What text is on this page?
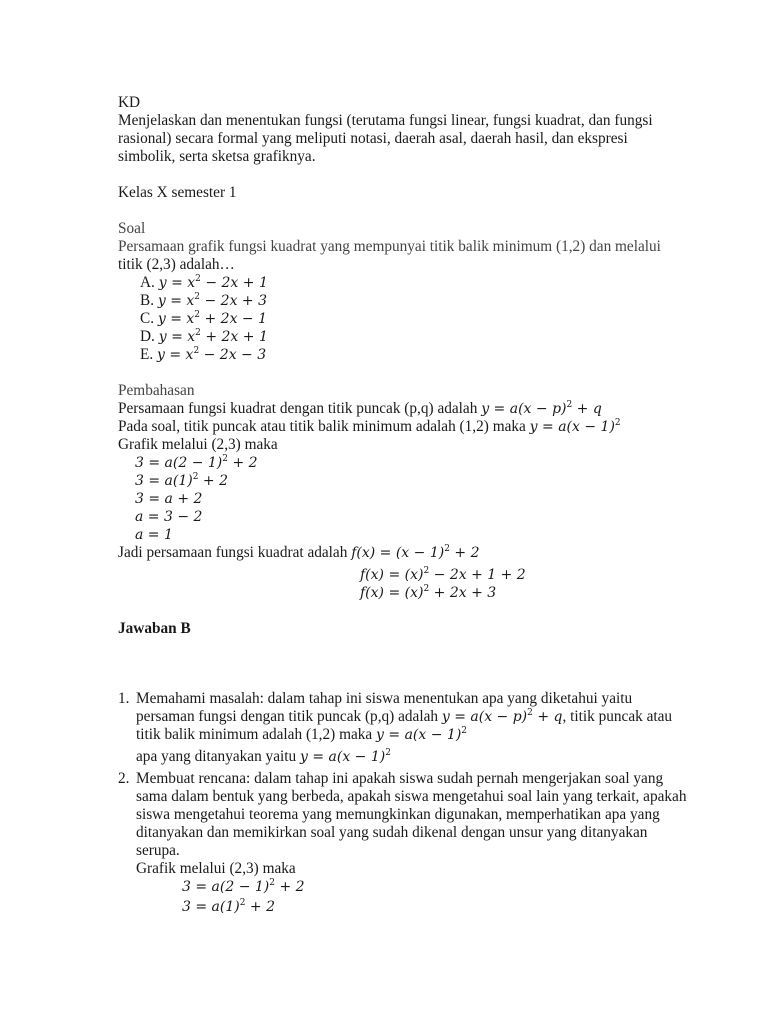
KD
Menjelaskan dan menentukan fungsi (terutama fungsi linear, fungsi kuadrat, dan fungsi
rasional) secara formal yang meliputi notasi, daerah asal, daerah hasil, dan ekspresi
simbolik, serta sketsa grafiknya.
Kelas X semester 1
Soal
Persamaan grafik fungsi kuadrat yang mempunyai titik balik minimum (1,2) dan melalui
titik (2,3) adalah…
A. $y = x^2 - 2x + 1$
B. $y = x^2 - 2x + 3$
C. $y = x^2 + 2x - 1$
D. $y = x^2 + 2x + 1$
E. $y = x^2 - 2x - 3$
Pembahasan
Persamaan fungsi kuadrat dengan titik puncak (p,q) adalah $y = a(x - p)^2 + q$
Pada soal, titik puncak atau titik balik minimum adalah (1,2) maka $y = a(x - 1)^2$
Grafik melalui (2,3) maka
$3 = a(2 - 1)^2 + 2$
$3 = a(1)^2 + 2$
3 = a + 2
a = 3 − 2
a = 1
Jadi persamaan fungsi kuadrat adalah $f(x) = (x - 1)^2 + 2$
$f(x) = (x)^2 - 2x + 1 + 2$
$f(x) = (x)^2 + 2x + 3$
Jawaban B
1. Memahami masalah: dalam tahap ini siswa menentukan apa yang diketahui yaitu
persaman fungsi dengan titik puncak (p,q) adalah $y = a(x - p)^2 + q$, titik puncak atau
titik balik minimum adalah (1,2) maka $y = a(x - 1)^2$
apa yang ditanyakan yaitu $y = a(x - 1)^2$
2. Membuat rencana: dalam tahap ini apakah siswa sudah pernah mengerjakan soal yang
sama dalam bentuk yang berbeda, apakah siswa mengetahui soal lain yang terkait, apakah
siswa mengetahui teorema yang memungkinkan digunakan, memperhatikan apa yang
ditanyakan dan memikirkan soal yang sudah dikenal dengan unsur yang ditanyakan
serupa.
Grafik melalui (2,3) maka
$3 = a(2 - 1)^2 + 2$
$3 = a(1)^2 + 2$
